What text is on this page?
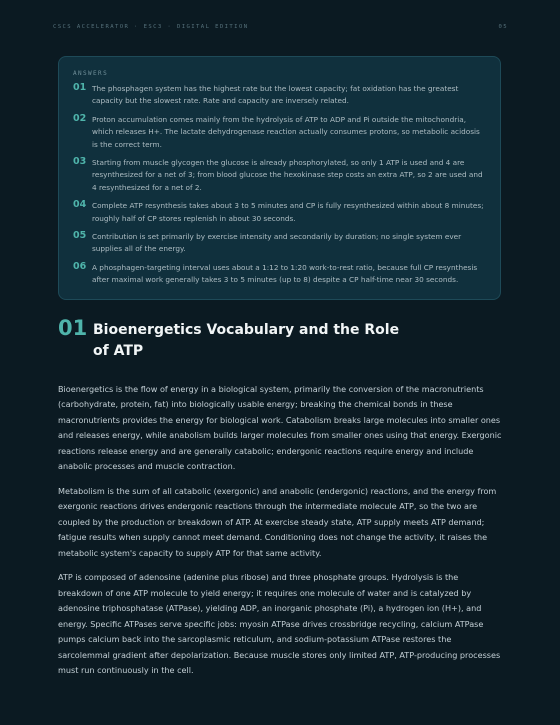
CSCS ACCELERATOR · ESC3 · DIGITAL EDITION	05
ANSWERS
01 The phosphagen system has the highest rate but the lowest capacity; fat oxidation has the greatest capacity but the slowest rate. Rate and capacity are inversely related.
02 Proton accumulation comes mainly from the hydrolysis of ATP to ADP and Pi outside the mitochondria, which releases H+. The lactate dehydrogenase reaction actually consumes protons, so metabolic acidosis is the correct term.
03 Starting from muscle glycogen the glucose is already phosphorylated, so only 1 ATP is used and 4 are resynthesized for a net of 3; from blood glucose the hexokinase step costs an extra ATP, so 2 are used and 4 resynthesized for a net of 2.
04 Complete ATP resynthesis takes about 3 to 5 minutes and CP is fully resynthesized within about 8 minutes; roughly half of CP stores replenish in about 30 seconds.
05 Contribution is set primarily by exercise intensity and secondarily by duration; no single system ever supplies all of the energy.
06 A phosphagen-targeting interval uses about a 1:12 to 1:20 work-to-rest ratio, because full CP resynthesis after maximal work generally takes 3 to 5 minutes (up to 8) despite a CP half-time near 30 seconds.
01 Bioenergetics Vocabulary and the Role of ATP

Bioenergetics is the flow of energy in a biological system, primarily the conversion of the macronutrients (carbohydrate, protein, fat) into biologically usable energy; breaking the chemical bonds in these macronutrients provides the energy for biological work. Catabolism breaks large molecules into smaller ones and releases energy, while anabolism builds larger molecules from smaller ones using that energy. Exergonic reactions release energy and are generally catabolic; endergonic reactions require energy and include anabolic processes and muscle contraction.

Metabolism is the sum of all catabolic (exergonic) and anabolic (endergonic) reactions, and the energy from exergonic reactions drives endergonic reactions through the intermediate molecule ATP, so the two are coupled by the production or breakdown of ATP. At exercise steady state, ATP supply meets ATP demand; fatigue results when supply cannot meet demand. Conditioning does not change the activity, it raises the metabolic system's capacity to supply ATP for that same activity.

ATP is composed of adenosine (adenine plus ribose) and three phosphate groups. Hydrolysis is the breakdown of one ATP molecule to yield energy; it requires one molecule of water and is catalyzed by adenosine triphosphatase (ATPase), yielding ADP, an inorganic phosphate (Pi), a hydrogen ion (H+), and energy. Specific ATPases serve specific jobs: myosin ATPase drives crossbridge recycling, calcium ATPase pumps calcium back into the sarcoplasmic reticulum, and sodium-potassium ATPase restores the sarcolemmal gradient after depolarization. Because muscle stores only limited ATP, ATP-producing processes must run continuously in the cell.
